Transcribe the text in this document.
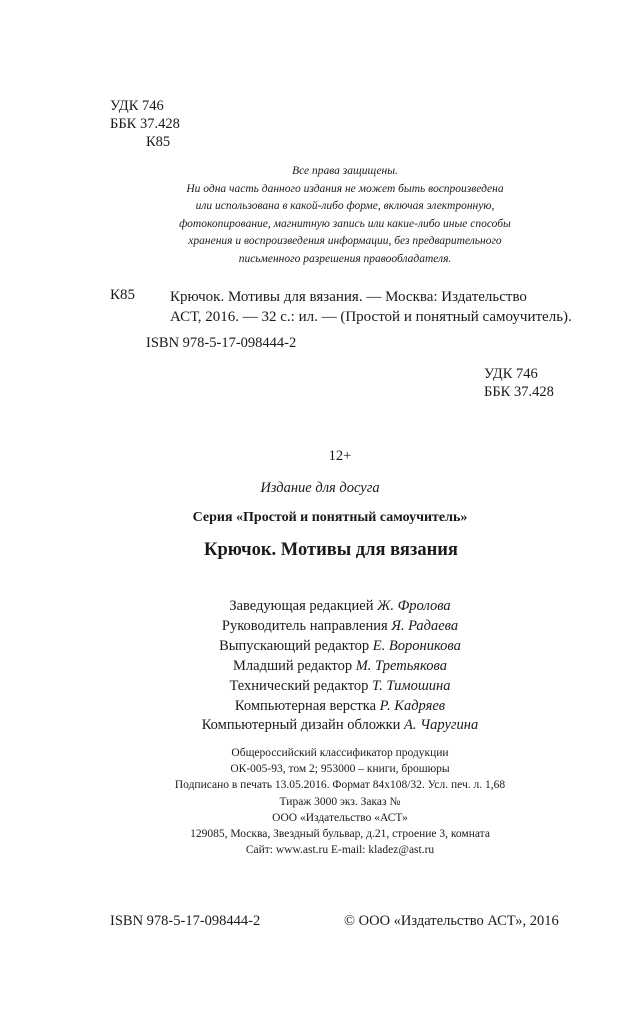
УДК 746
ББК 37.428
К85
Все права защищены.
Ни одна часть данного издания не может быть воспроизведена
или использована в какой-либо форме, включая электронную,
фотокопирование, магнитную запись или какие-либо иные способы
хранения и воспроизведения информации, без предварительного
письменного разрешения правообладателя.
К85 Крючок. Мотивы для вязания. — Москва: Издательство
АСТ, 2016. — 32 с.: ил. — (Простой и понятный самоучитель).
ISBN 978-5-17-098444-2
УДК 746
ББК 37.428
12+
Издание для досуга
Серия «Простой и понятный самоучитель»
Крючок. Мотивы для вязания
Заведующая редакцией Ж. Фролова
Руководитель направления Я. Радаева
Выпускающий редактор Е. Вороникова
Младший редактор М. Третьякова
Технический редактор Т. Тимошина
Компьютерная верстка Р. Кадряев
Компьютерный дизайн обложки А. Чаругина
Общероссийский классификатор продукции
ОК-005-93, том 2; 953000 – книги, брошюры
Подписано в печать 13.05.2016. Формат 84х108/32. Усл. печ. л. 1,68
Тираж 3000 экз. Заказ №
ООО «Издательство «АСТ»
129085, Москва, Звездный бульвар, д.21, строение 3, комната
Сайт: www.ast.ru E-mail: kladez@ast.ru
ISBN 978-5-17-098444-2	© ООО «Издательство АСТ», 2016
